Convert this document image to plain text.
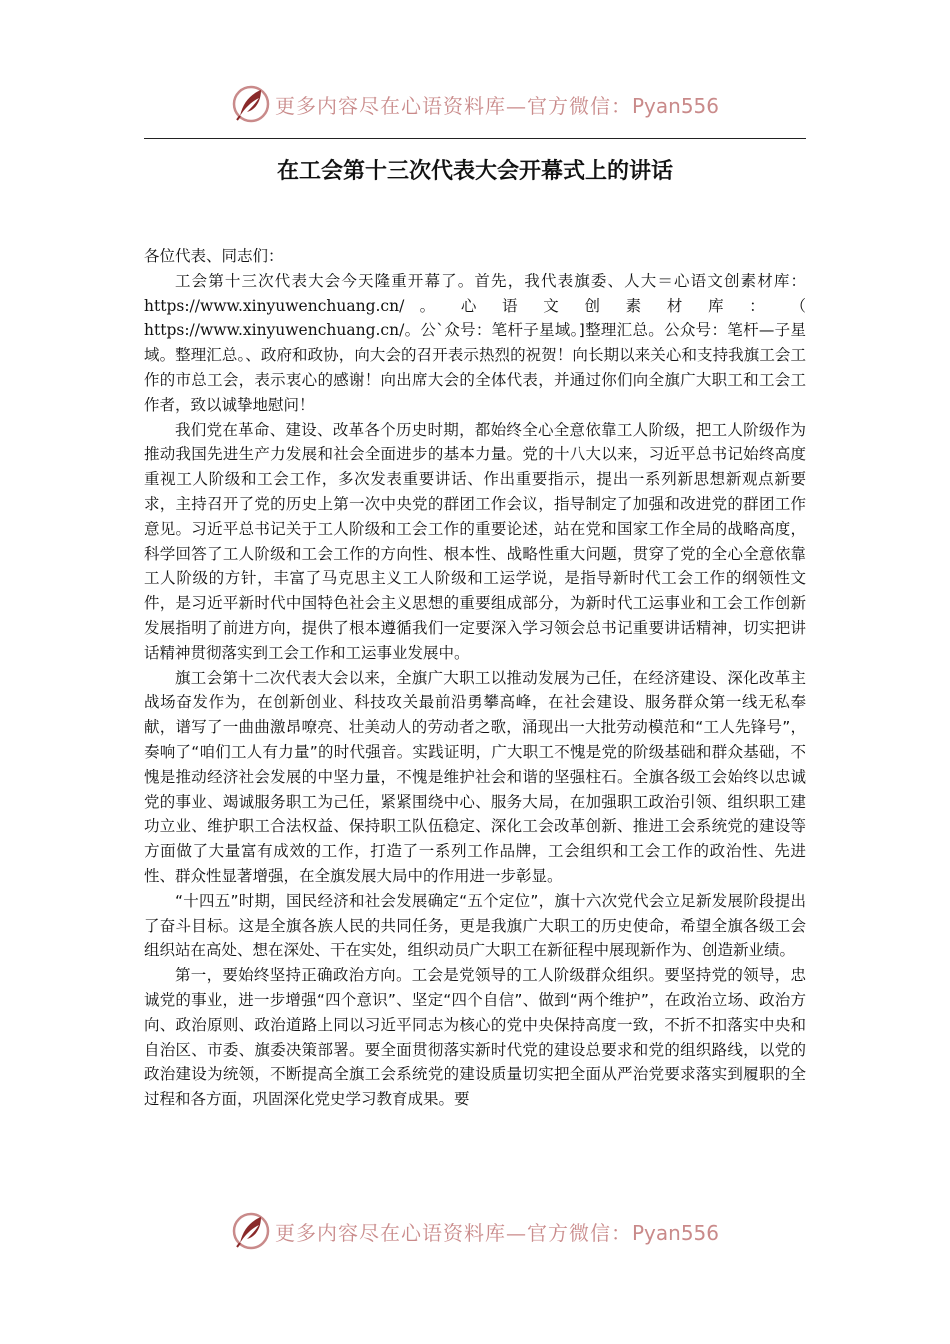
更多内容尽在心语资料库—官方微信：Pyan556
在工会第十三次代表大会开幕式上的讲话

各位代表、同志们：

工会第十三次代表大会今天隆重开幕了。首先，我代表旗委、人大＝心语文创素材库：https://www.xinyuwenchuang.cn/ 。 心 语 文 创 素 材 库 ： （ https://www.xinyuwenchuang.cn/。公`众号：笔杆子星域。]整理汇总。公众号：笔杆—子星域。整理汇总。、政府和政协，向大会的召开表示热烈的祝贺！向长期以来关心和支持我旗工会工作的市总工会，表示衷心的感谢！向出席大会的全体代表，并通过你们向全旗广大职工和工会工作者，致以诚挚地慰问！

我们党在革命、建设、改革各个历史时期，都始终全心全意依靠工人阶级，把工人阶级作为推动我国先进生产力发展和社会全面进步的基本力量。党的十八大以来，习近平总书记始终高度重视工人阶级和工会工作，多次发表重要讲话、作出重要指示，提出一系列新思想新观点新要求，主持召开了党的历史上第一次中央党的群团工作会议，指导制定了加强和改进党的群团工作意见。习近平总书记关于工人阶级和工会工作的重要论述，站在党和国家工作全局的战略高度，科学回答了工人阶级和工会工作的方向性、根本性、战略性重大问题，贯穿了党的全心全意依靠工人阶级的方针，丰富了马克思主义工人阶级和工运学说，是指导新时代工会工作的纲领性文件，是习近平新时代中国特色社会主义思想的重要组成部分，为新时代工运事业和工会工作创新发展指明了前进方向，提供了根本遵循我们一定要深入学习领会总书记重要讲话精神，切实把讲话精神贯彻落实到工会工作和工运事业发展中。

旗工会第十二次代表大会以来，全旗广大职工以推动发展为己任，在经济建设、深化改革主战场奋发作为，在创新创业、科技攻关最前沿勇攀高峰，在社会建设、服务群众第一线无私奉献，谱写了一曲曲激昂嘹亮、壮美动人的劳动者之歌，涌现出一大批劳动模范和“工人先锋号”，奏响了“咱们工人有力量”的时代强音。实践证明，广大职工不愧是党的阶级基础和群众基础，不愧是推动经济社会发展的中坚力量，不愧是维护社会和谐的坚强柱石。全旗各级工会始终以忠诚党的事业、竭诚服务职工为己任，紧紧围绕中心、服务大局，在加强职工政治引领、组织职工建功立业、维护职工合法权益、保持职工队伍稳定、深化工会改革创新、推进工会系统党的建设等方面做了大量富有成效的工作，打造了一系列工作品牌，工会组织和工会工作的政治性、先进性、群众性显著增强，在全旗发展大局中的作用进一步彰显。

“十四五”时期，国民经济和社会发展确定“五个定位”，旗十六次党代会立足新发展阶段提出了奋斗目标。这是全旗各族人民的共同任务，更是我旗广大职工的历史使命，希望全旗各级工会组织站在高处、想在深处、干在实处，组织动员广大职工在新征程中展现新作为、创造新业绩。

第一，要始终坚持正确政治方向。工会是党领导的工人阶级群众组织。要坚持党的领导，忠诚党的事业，进一步增强“四个意识”、坚定“四个自信”、做到“两个维护”，在政治立场、政治方向、政治原则、政治道路上同以习近平同志为核心的党中央保持高度一致，不折不扣落实中央和自治区、市委、旗委决策部署。要全面贯彻落实新时代党的建设总要求和党的组织路线，以党的政治建设为统领，不断提高全旗工会系统党的建设质量切实把全面从严治党要求落实到履职的全过程和各方面，巩固深化党史学习教育成果。要

更多内容尽在心语资料库—官方微信：Pyan556
